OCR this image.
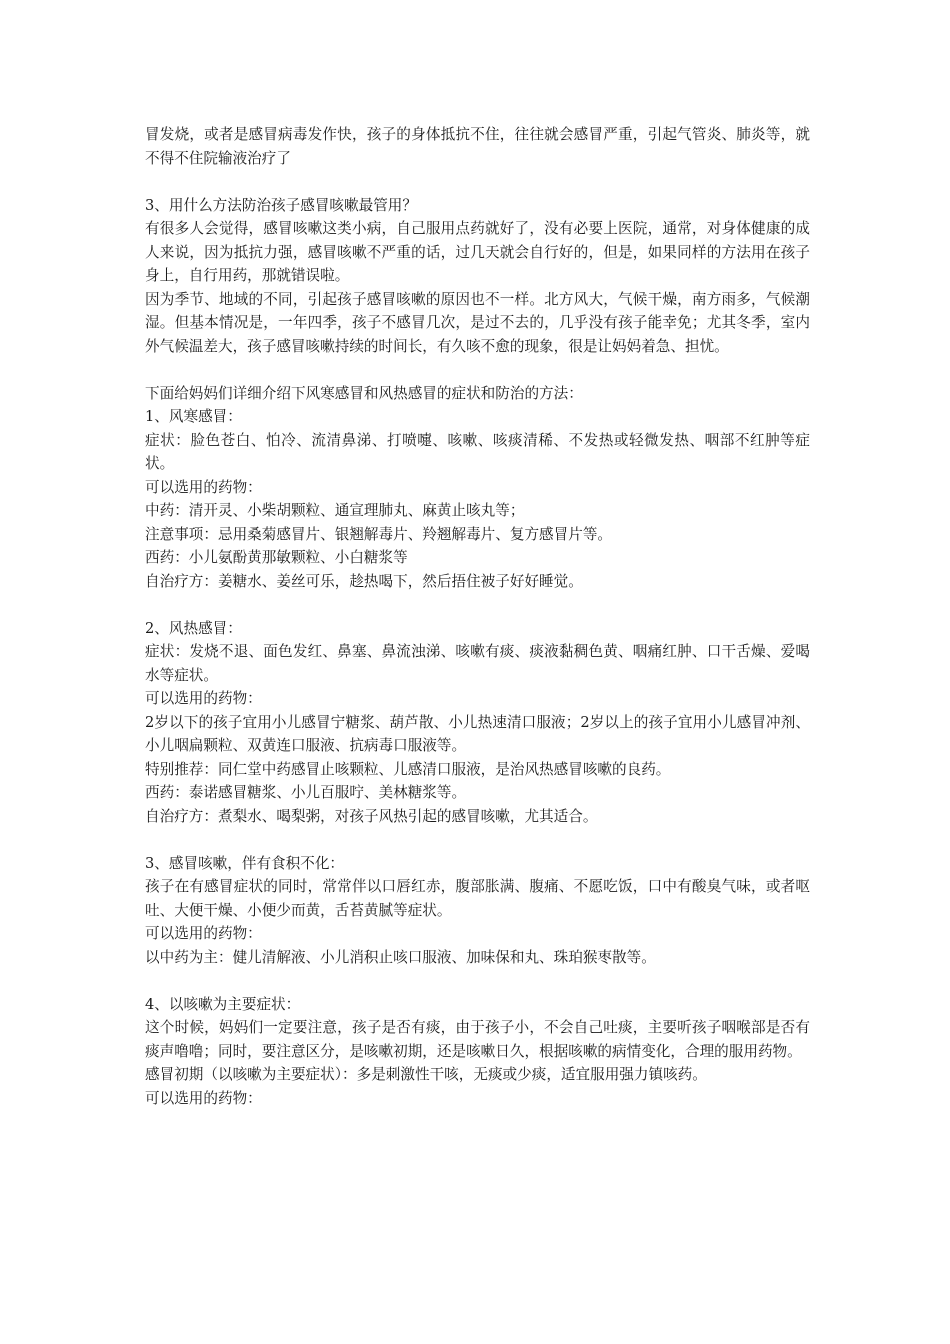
冒发烧，或者是感冒病毒发作快，孩子的身体抵抗不住，往往就会感冒严重，引起气管炎、肺炎等，就不得不住院输液治疗了

3、用什么方法防治孩子感冒咳嗽最管用？

有很多人会觉得，感冒咳嗽这类小病，自己服用点药就好了，没有必要上医院，通常，对身体健康的成人来说，因为抵抗力强，感冒咳嗽不严重的话，过几天就会自行好的，但是，如果同样的方法用在孩子身上，自行用药，那就错误啦。

因为季节、地域的不同，引起孩子感冒咳嗽的原因也不一样。北方风大，气候干燥，南方雨多，气候潮湿。但基本情况是，一年四季，孩子不感冒几次，是过不去的，几乎没有孩子能幸免；尤其冬季，室内外气候温差大，孩子感冒咳嗽持续的时间长，有久咳不愈的现象，很是让妈妈着急、担忧。

下面给妈妈们详细介绍下风寒感冒和风热感冒的症状和防治的方法：

1、风寒感冒：

症状：脸色苍白、怕冷、流清鼻涕、打喷嚏、咳嗽、咳痰清稀、不发热或轻微发热、咽部不红肿等症状。

可以选用的药物：

中药：清开灵、小柴胡颗粒、通宣理肺丸、麻黄止咳丸等；

注意事项：忌用桑菊感冒片、银翘解毒片、羚翘解毒片、复方感冒片等。

西药：小儿氨酚黄那敏颗粒、小白糖浆等

自治疗方：姜糖水、姜丝可乐，趁热喝下，然后捂住被子好好睡觉。

2、风热感冒：

症状：发烧不退、面色发红、鼻塞、鼻流浊涕、咳嗽有痰、痰液黏稠色黄、咽痛红肿、口干舌燥、爱喝水等症状。

可以选用的药物：

2岁以下的孩子宜用小儿感冒宁糖浆、葫芦散、小儿热速清口服液；2岁以上的孩子宜用小儿感冒冲剂、小儿咽扁颗粒、双黄连口服液、抗病毒口服液等。

特别推荐：同仁堂中药感冒止咳颗粒、儿感清口服液，是治风热感冒咳嗽的良药。

西药：泰诺感冒糖浆、小儿百服咛、美林糖浆等。

自治疗方：煮梨水、喝梨粥，对孩子风热引起的感冒咳嗽，尤其适合。

3、感冒咳嗽，伴有食积不化：

孩子在有感冒症状的同时，常常伴以口唇红赤，腹部胀满、腹痛、不愿吃饭，口中有酸臭气味，或者呕吐、大便干燥、小便少而黄，舌苔黄腻等症状。

可以选用的药物：

以中药为主：健儿清解液、小儿消积止咳口服液、加味保和丸、珠珀猴枣散等。

4、以咳嗽为主要症状：

这个时候，妈妈们一定要注意，孩子是否有痰，由于孩子小，不会自己吐痰，主要听孩子咽喉部是否有痰声噜噜；同时，要注意区分，是咳嗽初期，还是咳嗽日久，根据咳嗽的病情变化，合理的服用药物。

感冒初期（以咳嗽为主要症状）：多是刺激性干咳，无痰或少痰，适宜服用强力镇咳药。

可以选用的药物：
